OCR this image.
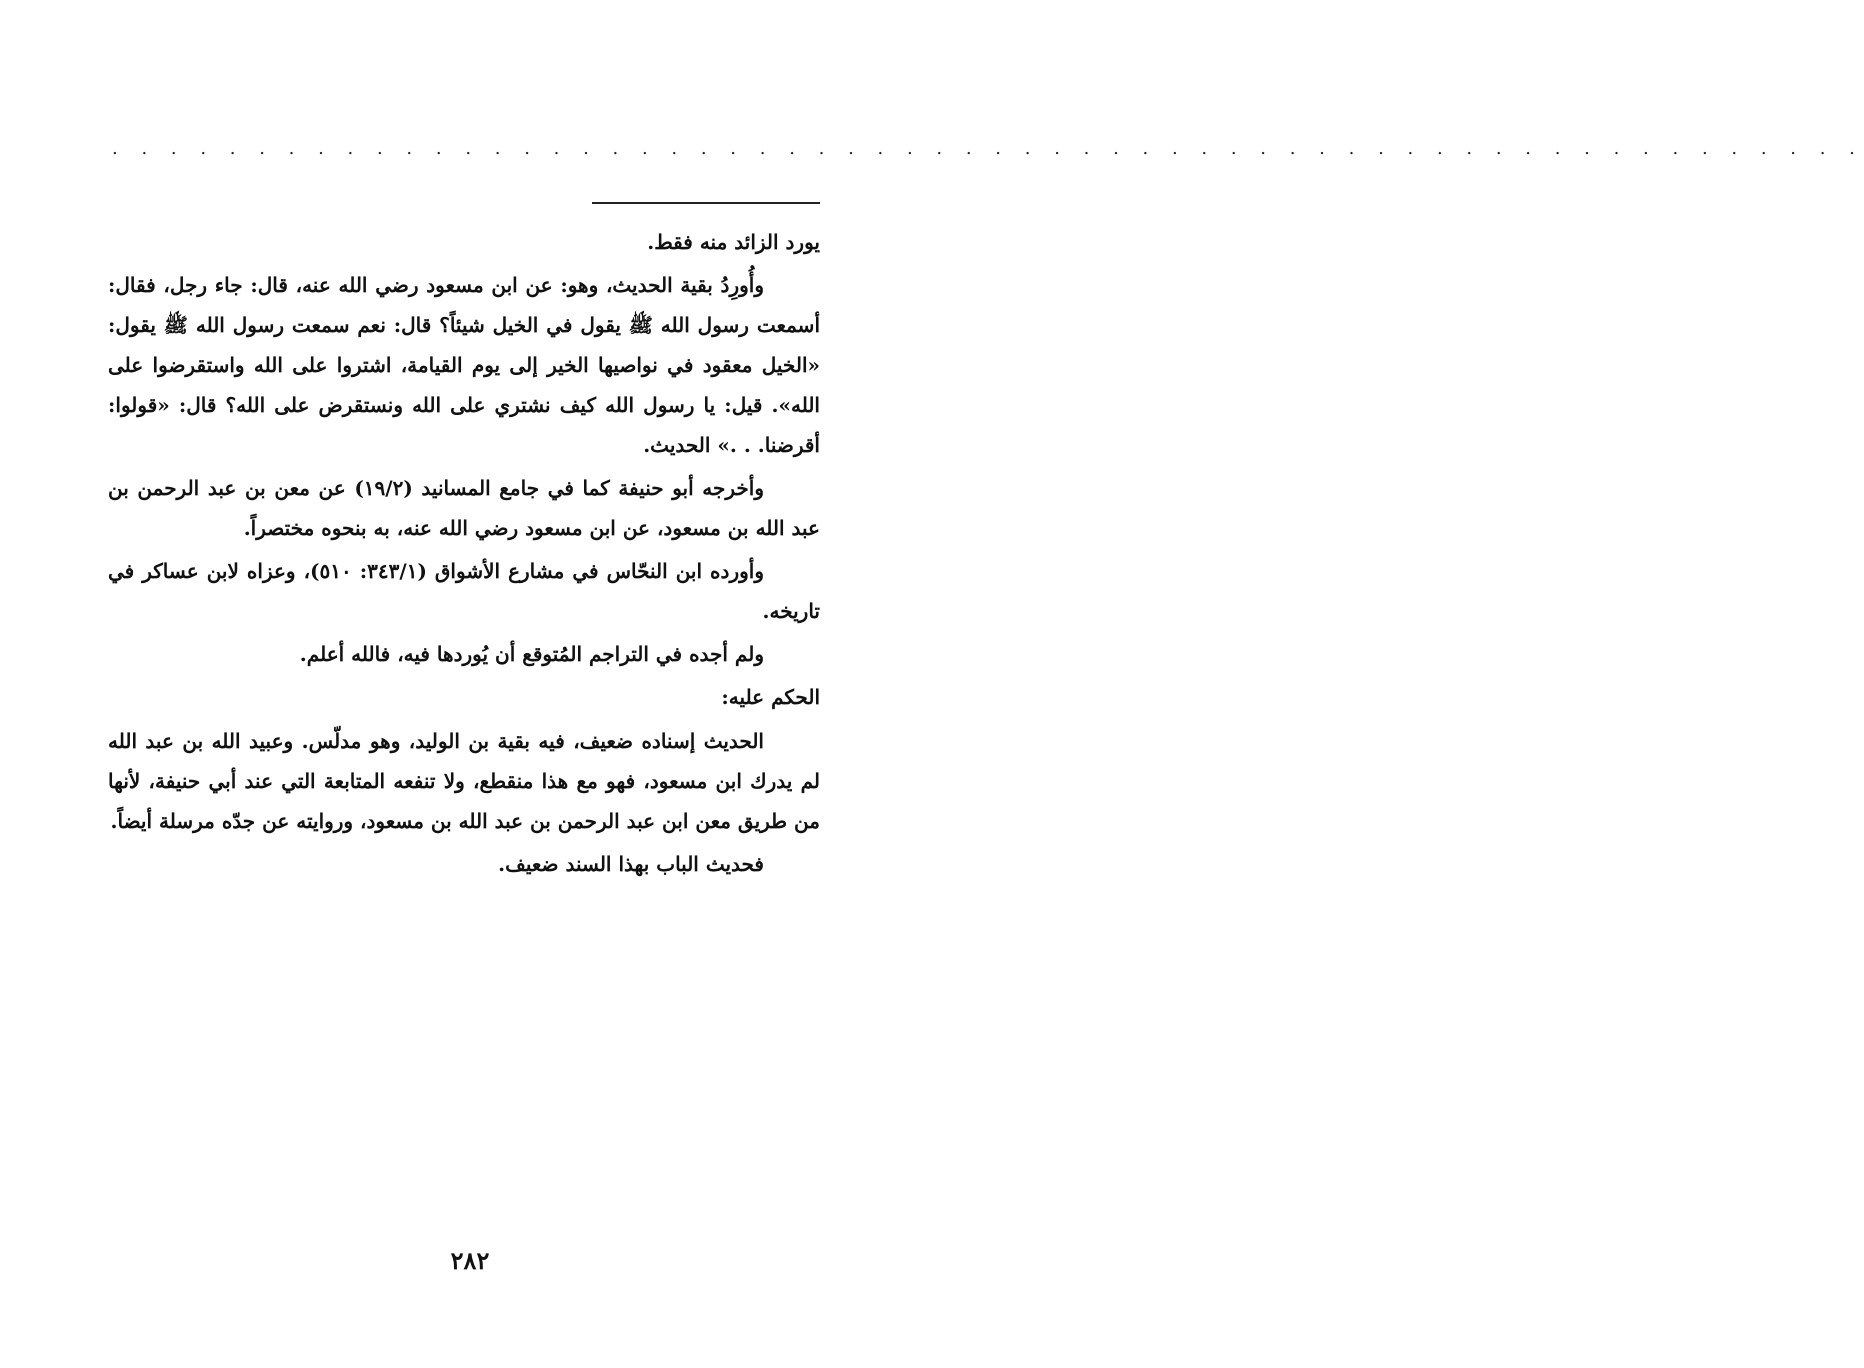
. . . . . . . . . . . . . . . . . . . . . . . . . . . . . . . . . . . . . . . . . . . . . . . . . . . . . . . . . . . .

يورد الزائد منه فقط.

وأُورِدُ بقية الحديث، وهو: عن ابن مسعود رضي الله عنه، قال: جاء رجل، فقال: أسمعت رسول الله ﷺ يقول في الخيل شيئاً؟ قال: نعم سمعت رسول الله ﷺ يقول: «الخيل معقود في نواصيها الخير إلى يوم القيامة، اشتروا على الله واستقرضوا على الله». قيل: يا رسول الله كيف نشتري على الله ونستقرض على الله؟ قال: «قولوا: أقرضنا. . .» الحديث.

وأخرجه أبو حنيفة كما في جامع المسانيد (١٩/٢) عن معن بن عبد الرحمن بن عبد الله بن مسعود، عن ابن مسعود رضي الله عنه، به بنحوه مختصراً.

وأورده ابن النحّاس في مشارع الأشواق (٣٤٣/١: ٥١٠)، وعزاه لابن عساكر في تاريخه.

ولم أجده في التراجم المُتوقع أن يُوردها فيه، فالله أعلم.

الحكم عليه:

الحديث إسناده ضعيف، فيه بقية بن الوليد، وهو مدلّس. وعبيد الله بن عبد الله لم يدرك ابن مسعود، فهو مع هذا منقطع، ولا تنفعه المتابعة التي عند أبي حنيفة، لأنها من طريق معن ابن عبد الرحمن بن عبد الله بن مسعود، وروايته عن جدّه مرسلة أيضاً.

فحديث الباب بهذا السند ضعيف.

٢٨٢
